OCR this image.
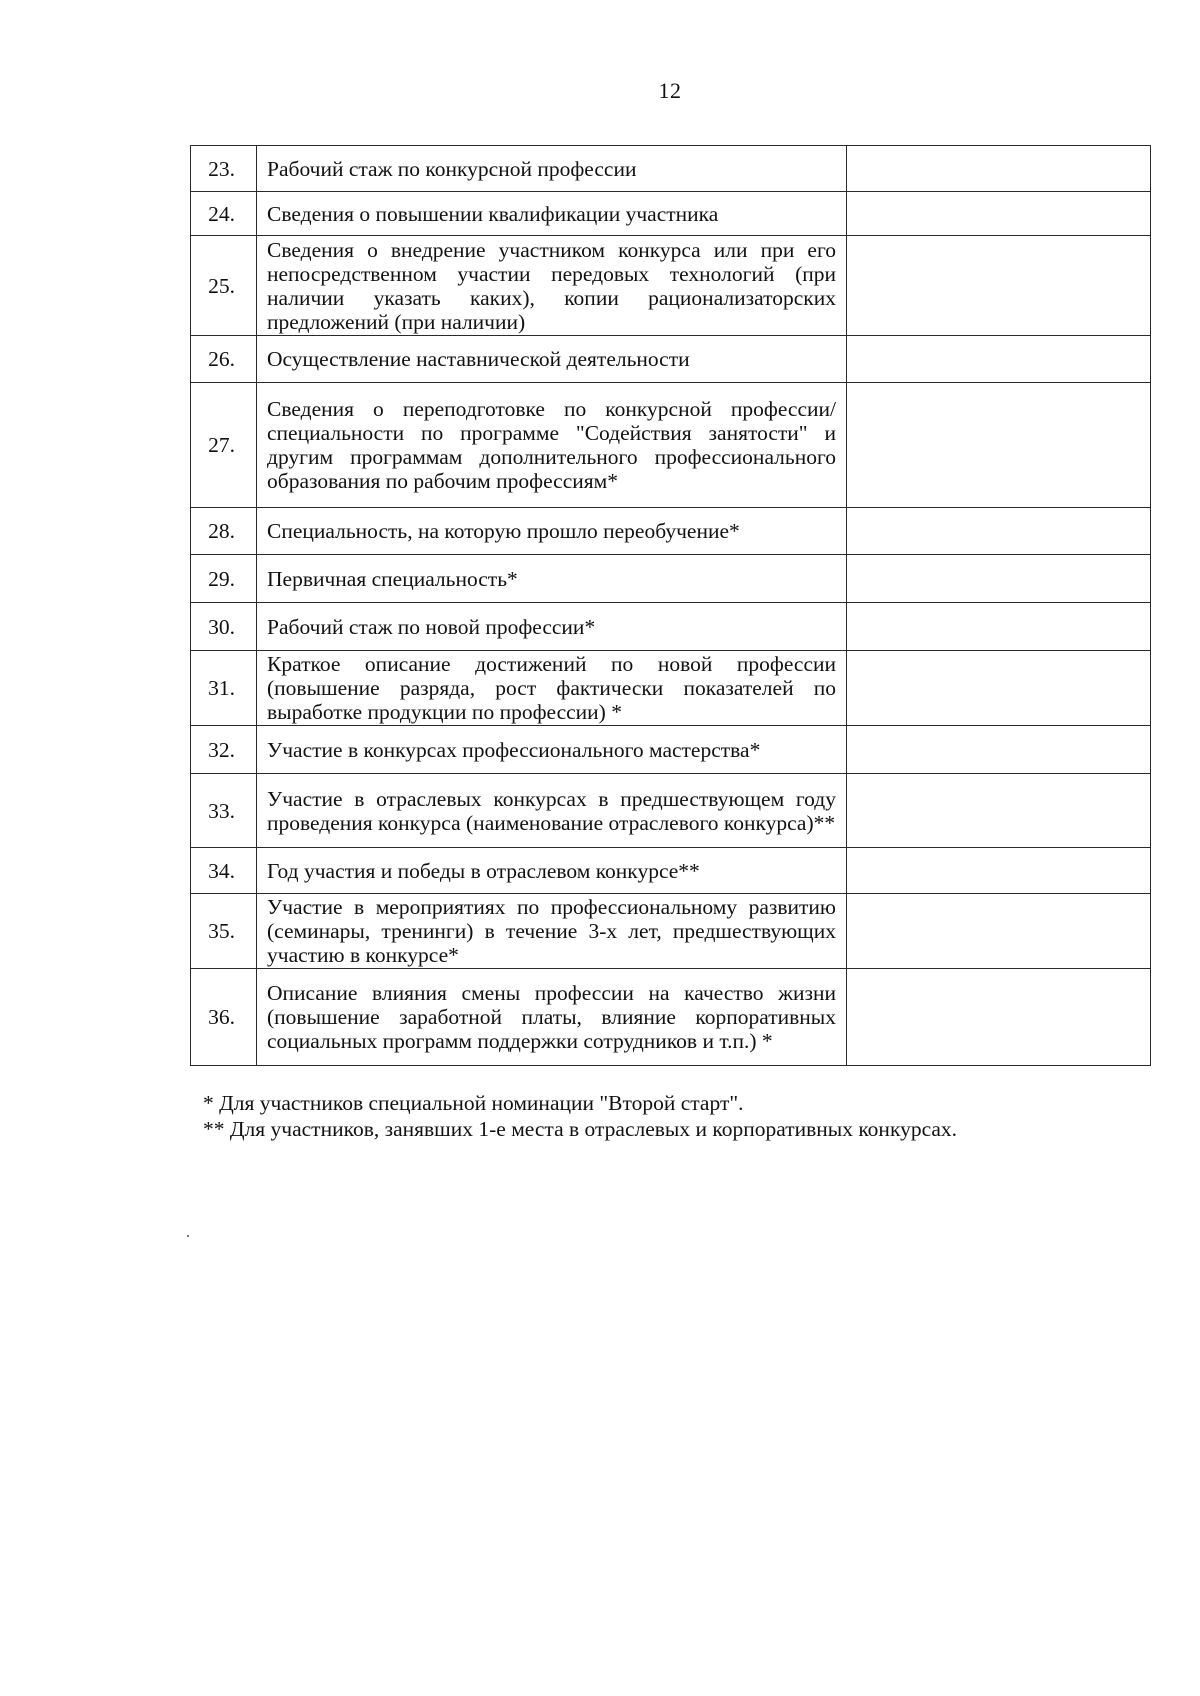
12
23.	Рабочий стаж по конкурсной профессии	
24.	Сведения о повышении квалификации участника	
25.	Сведения о внедрение участником конкурса или при его непосредственном участии передовых технологий (при наличии указать каких), копии рационализаторских предложений (при наличии)	
26.	Осуществление наставнической деятельности	
27.	Сведения о переподготовке по конкурсной профессии/специальности по программе "Содействия занятости" и другим программам дополнительного профессионального образования по рабочим профессиям*	
28.	Специальность, на которую прошло переобучение*	
29.	Первичная специальность*	
30.	Рабочий стаж по новой профессии*	
31.	Краткое описание достижений по новой профессии (повышение разряда, рост фактически показателей по выработке продукции по профессии) *	
32.	Участие в конкурсах профессионального мастерства*	
33.	Участие в отраслевых конкурсах в предшествующем году проведения конкурса (наименование отраслевого конкурса)**	
34.	Год участия и победы в отраслевом конкурсе**	
35.	Участие в мероприятиях по профессиональному развитию (семинары, тренинги) в течение 3-х лет, предшествующих участию в конкурсе*	
36.	Описание влияния смены профессии на качество жизни (повышение заработной платы, влияние корпоративных социальных программ поддержки сотрудников и т.п.) *	

* Для участников специальной номинации "Второй старт".

** Для участников, занявших 1-е места в отраслевых и корпоративных конкурсах.
